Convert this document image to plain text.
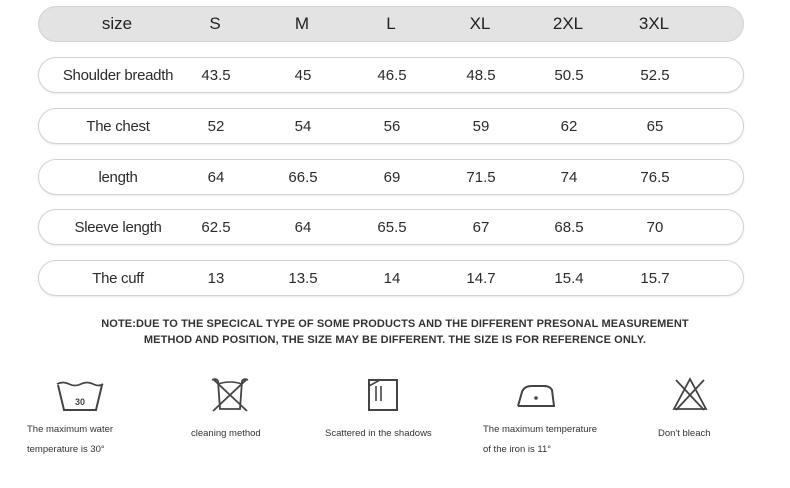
size	S	M	L	XL	2XL	3XL
Shoulder breadth	43.5	45	46.5	48.5	50.5	52.5
The chest	52	54	56	59	62	65
length	64	66.5	69	71.5	74	76.5
Sleeve length	62.5	64	65.5	67	68.5	70
The cuff	13	13.5	14	14.7	15.4	15.7
NOTE:DUE TO THE SPECICAL TYPE OF SOME PRODUCTS AND THE DIFFERENT PRESONAL MEASUREMENT
METHOD AND POSITION, THE SIZE MAY BE DIFFERENT. THE SIZE IS FOR REFERENCE ONLY.
30
The maximum water
temperature is 30°
cleaning method	Scattered in the shadows	The maximum temperature
of the iron is 11°
Don't bleach
